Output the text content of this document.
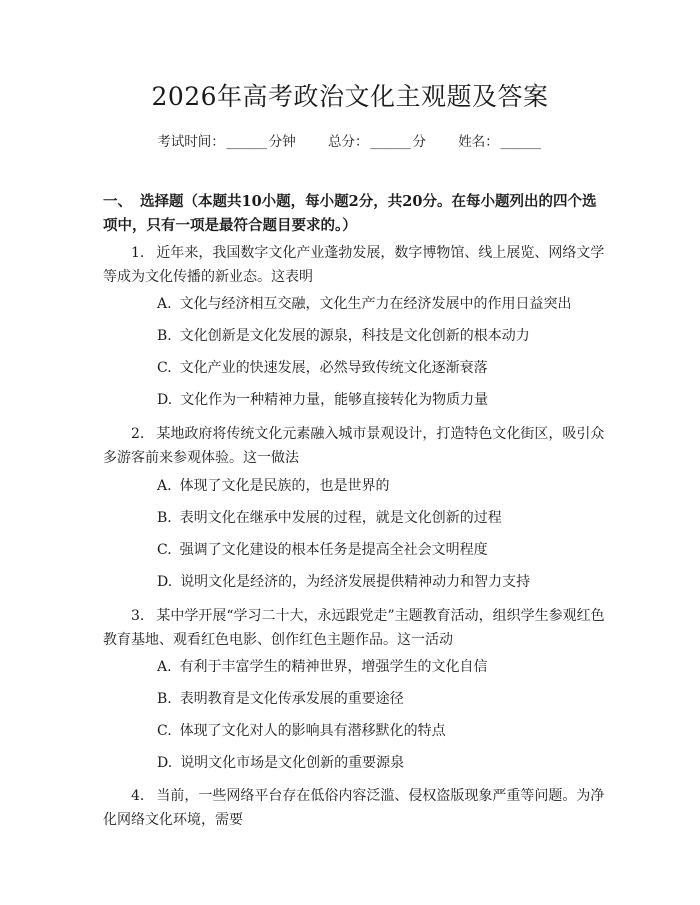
2026年高考政治文化主观题及答案
考试时间： ______ 分钟 总分： ______ 分 姓名： ______
一、 选择题（本题共10小题，每小题2分，共20分。在每小题列出的四个选项中，只有一项是最符合题目要求的。）
1. 近年来，我国数字文化产业蓬勃发展，数字博物馆、线上展览、网络文学等成为文化传播的新业态。这表明
A. 文化与经济相互交融，文化生产力在经济发展中的作用日益突出
B. 文化创新是文化发展的源泉，科技是文化创新的根本动力
C. 文化产业的快速发展，必然导致传统文化逐渐衰落
D. 文化作为一种精神力量，能够直接转化为物质力量
2. 某地政府将传统文化元素融入城市景观设计，打造特色文化街区，吸引众多游客前来参观体验。这一做法
A. 体现了文化是民族的，也是世界的
B. 表明文化在继承中发展的过程，就是文化创新的过程
C. 强调了文化建设的根本任务是提高全社会文明程度
D. 说明文化是经济的，为经济发展提供精神动力和智力支持
3. 某中学开展“学习二十大，永远跟党走”主题教育活动，组织学生参观红色教育基地、观看红色电影、创作红色主题作品。这一活动
A. 有利于丰富学生的精神世界，增强学生的文化自信
B. 表明教育是文化传承发展的重要途径
C. 体现了文化对人的影响具有潜移默化的特点
D. 说明文化市场是文化创新的重要源泉
4. 当前，一些网络平台存在低俗内容泛滥、侵权盗版现象严重等问题。为净化网络文化环境，需要
